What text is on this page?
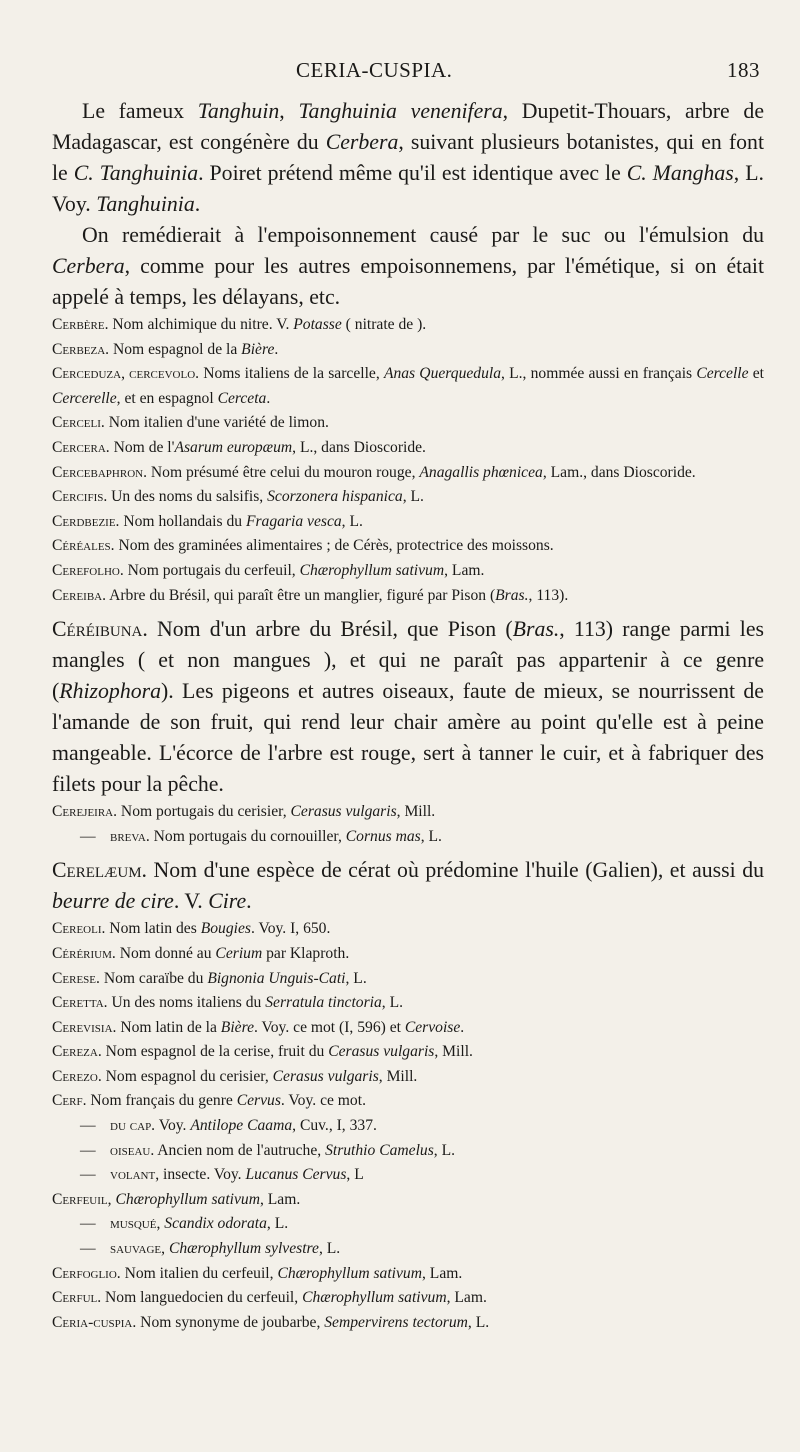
CERIA-CUSPIA.	183

Le fameux Tanghuin, Tanghuinia venenifera, Dupetit-Thouars, arbre de Madagascar, est congénère du Cerbera, suivant plusieurs botanistes, qui en font le C. Tanghuinia. Poiret prétend même qu'il est identique avec le C. Manghas, L. Voy. Tanghuinia.

On remédierait à l'empoisonnement causé par le suc ou l'émulsion du Cerbera, comme pour les autres empoisonnemens, par l'émétique, si on était appelé à temps, les délayans, etc.

Cerbère. Nom alchimique du nitre. V. Potasse ( nitrate de ).

Cerbeza. Nom espagnol de la Bière.

Cerceduza, cercevolo. Noms italiens de la sarcelle, Anas Querquedula, L., nommée aussi en français Cercelle et Cercerelle, et en espagnol Cerceta.

Cerceli. Nom italien d'une variété de limon.

Cercera. Nom de l'Asarum europæum, L., dans Dioscoride.

Cercebaphron. Nom présumé être celui du mouron rouge, Anagallis phœnicea, Lam., dans Dioscoride.

Cercifis. Un des noms du salsifis, Scorzonera hispanica, L.

Cerdbezie. Nom hollandais du Fragaria vesca, L.

Céréales. Nom des graminées alimentaires ; de Cérès, protectrice des moissons.

Cerefolho. Nom portugais du cerfeuil, Chærophyllum sativum, Lam.

Cereiba. Arbre du Brésil, qui paraît être un manglier, figuré par Pison (Bras., 113).

Céréibuna. Nom d'un arbre du Brésil, que Pison (Bras., 113) range parmi les mangles ( et non mangues ), et qui ne paraît pas appartenir à ce genre (Rhizophora). Les pigeons et autres oiseaux, faute de mieux, se nourrissent de l'amande de son fruit, qui rend leur chair amère au point qu'elle est à peine mangeable. L'écorce de l'arbre est rouge, sert à tanner le cuir, et à fabriquer des filets pour la pêche.

Cerejeira. Nom portugais du cerisier, Cerasus vulgaris, Mill.

— breva. Nom portugais du cornouiller, Cornus mas, L.

Cerelæum. Nom d'une espèce de cérat où prédomine l'huile (Galien), et aussi du beurre de cire. V. Cire.

Cereoli. Nom latin des Bougies. Voy. I, 650.

Cérérium. Nom donné au Cerium par Klaproth.

Cerese. Nom caraïbe du Bignonia Unguis-Cati, L.

Ceretta. Un des noms italiens du Serratula tinctoria, L.

Cerevisia. Nom latin de la Bière. Voy. ce mot (I, 596) et Cervoise.

Cereza. Nom espagnol de la cerise, fruit du Cerasus vulgaris, Mill.

Cerezo. Nom espagnol du cerisier, Cerasus vulgaris, Mill.

Cerf. Nom français du genre Cervus. Voy. ce mot.

— du cap. Voy. Antilope Caama, Cuv., I, 337.

— oiseau. Ancien nom de l'autruche, Struthio Camelus, L.

— volant, insecte. Voy. Lucanus Cervus, L

Cerfeuil, Chærophyllum sativum, Lam.

— musqué, Scandix odorata, L.

— sauvage, Chærophyllum sylvestre, L.

Cerfoglio. Nom italien du cerfeuil, Chærophyllum sativum, Lam.

Cerful. Nom languedocien du cerfeuil, Chærophyllum sativum, Lam.

Ceria-cuspia. Nom synonyme de joubarbe, Sempervirens tectorum, L.
